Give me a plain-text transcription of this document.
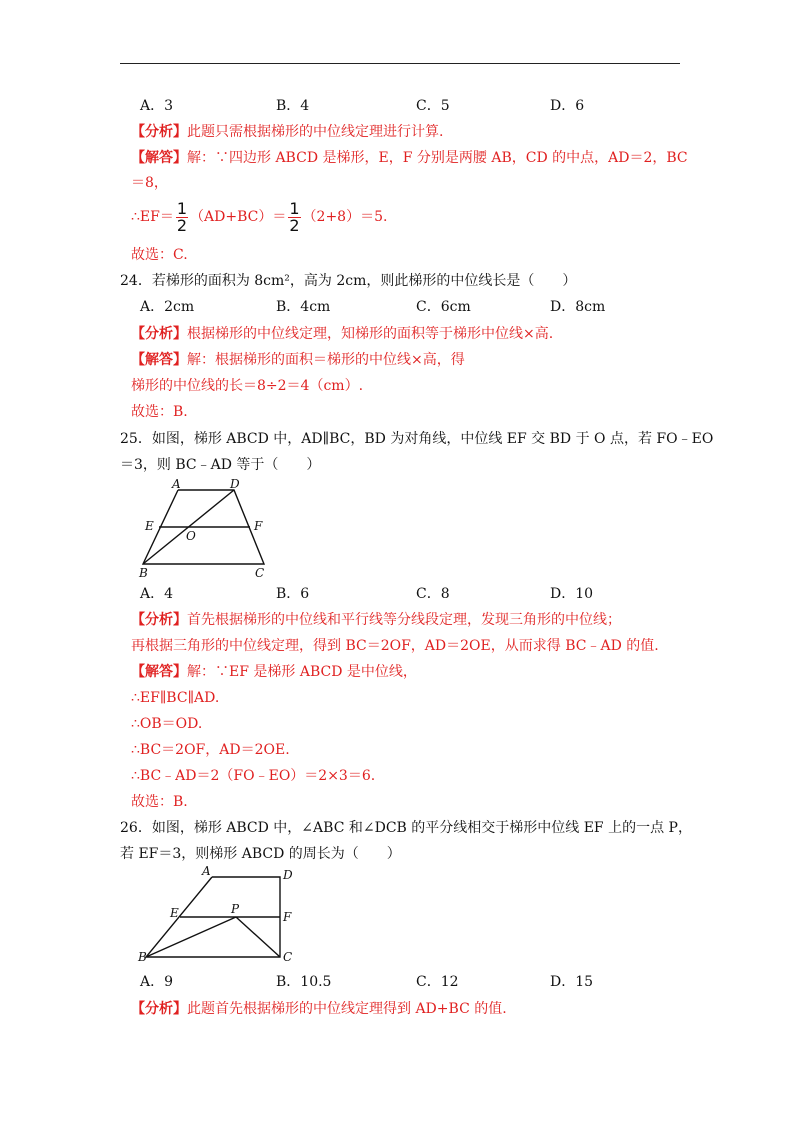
A．3	B．4	C．5	D．6
【分析】此题只需根据梯形的中位线定理进行计算.
【解答】解：∵四边形 ABCD 是梯形，E，F 分别是两腰 AB，CD 的中点，AD＝2，BC
＝8，
∴EF＝ $\frac{1}{2} (AD+BC)= \frac{1}{2} (2+8)=5$.
故选：C.
24．若梯形的面积为 8cm²，高为 2cm，则此梯形的中位线长是（　　）
A．2cm	B．4cm	C．6cm	D．8cm
【分析】根据梯形的中位线定理，知梯形的面积等于梯形中位线×高.
【解答】解：根据梯形的面积＝梯形的中位线×高，得
梯形的中位线的长＝8÷2＝4（cm）.
故选：B.
25．如图，梯形 ABCD 中，AD∥BC，BD 为对角线，中位线 EF 交 BD 于 O 点，若 FO﹣EO
＝3，则 BC﹣AD 等于（　　）
A	D
E	F
O
B	C
A．4	B．6	C．8	D．10
【分析】首先根据梯形的中位线和平行线等分线段定理，发现三角形的中位线；
再根据三角形的中位线定理，得到 BC＝2OF，AD＝2OE，从而求得 BC﹣AD 的值.
【解答】解：∵EF 是梯形 ABCD 是中位线，
∴EF∥BC∥AD.
∴OB＝OD.
∴BC＝2OF，AD＝2OE.
∴BC﹣AD＝2（FO﹣EO）＝2×3＝6.
故选：B.
26．如图，梯形 ABCD 中，∠ABC 和∠DCB 的平分线相交于梯形中位线 EF 上的一点 P，
若 EF＝3，则梯形 ABCD 的周长为（　　）
A	D
E	P
F
B	C
A．9	B．10.5	C．12	D．15
【分析】此题首先根据梯形的中位线定理得到 AD+BC 的值.
